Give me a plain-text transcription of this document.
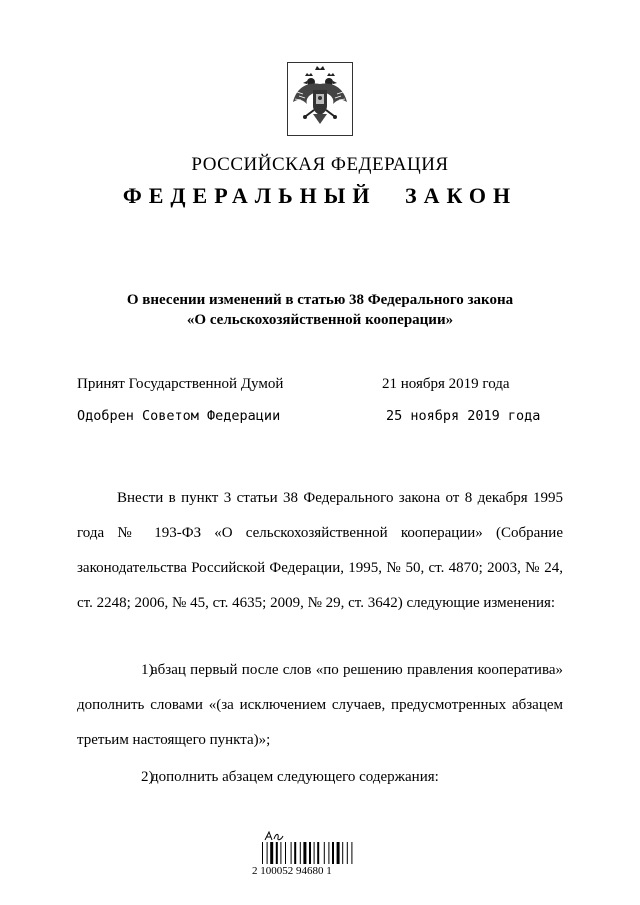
РОССИЙСКАЯ ФЕДЕРАЦИЯ
ФЕДЕРАЛЬНЫЙ ЗАКОН
О внесении изменений в статью 38 Федерального закона
«О сельскохозяйственной кооперации»
Принят Государственной Думой	21 ноября 2019 года
Одобрен Советом Федерации	25 ноября 2019 года
Внести в пункт 3 статьи 38 Федерального закона от 8 декабря 1995 года № 193-ФЗ «О сельскохозяйственной кооперации» (Собрание законодательства Российской Федерации, 1995, № 50, ст. 4870; 2003, № 24, ст. 2248; 2006, № 45, ст. 4635; 2009, № 29, ст. 3642) следующие изменения:
1)абзац первый после слов «по решению правления кооператива» дополнить словами «(за исключением случаев, предусмотренных абзацем третьим настоящего пункта)»;
2)дополнить абзацем следующего содержания:
2 100052 94680 1
